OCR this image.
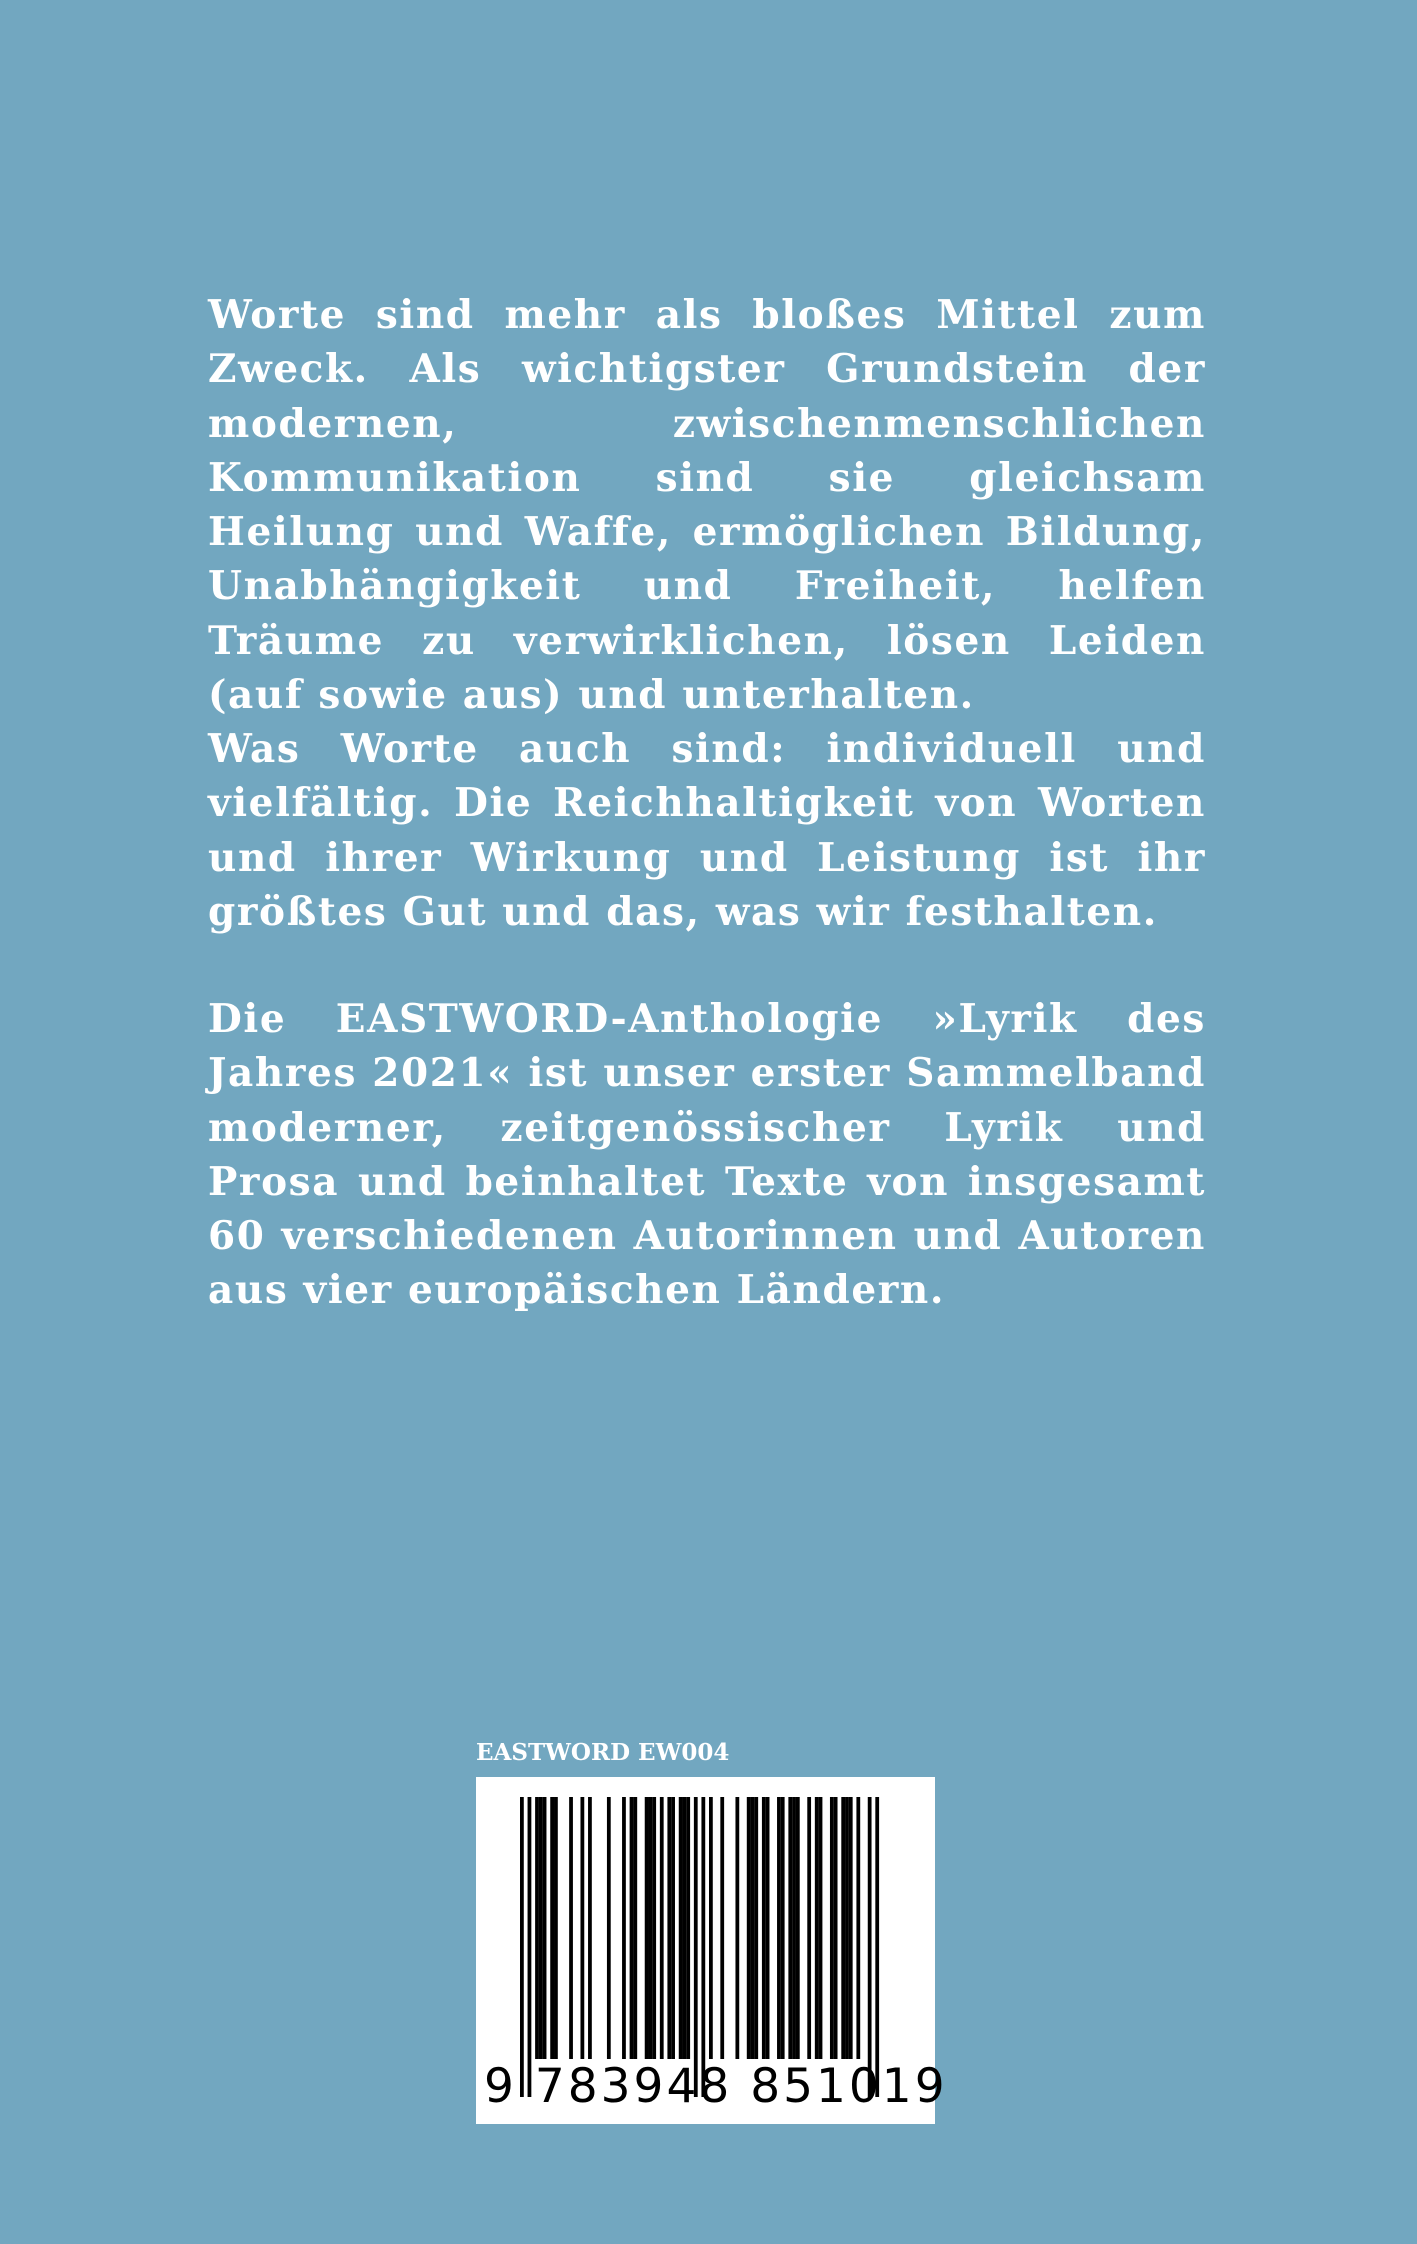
Worte sind mehr als bloßes Mittel zum Zweck. Als wichtigster Grundstein der modernen, zwischenmenschlichen Kommunikation sind sie gleichsam Heilung und Waffe, ermöglichen Bildung, Unabhängigkeit und Freiheit, helfen Träume zu verwirklichen, lösen Leiden (auf sowie aus) und unterhalten.

Was Worte auch sind: individuell und vielfältig. Die Reichhaltigkeit von Worten und ihrer Wirkung und Leistung ist ihr größtes Gut und das, was wir festhalten.

Die EASTWORD-Anthologie »Lyrik des Jahres 2021« ist unser erster Sammelband moderner, zeitgenössischer Lyrik und Prosa und beinhaltet Texte von insgesamt 60 verschiedenen Autorinnen und Autoren aus vier europäischen Ländern.

EASTWORD EW004

9 783948 851019
